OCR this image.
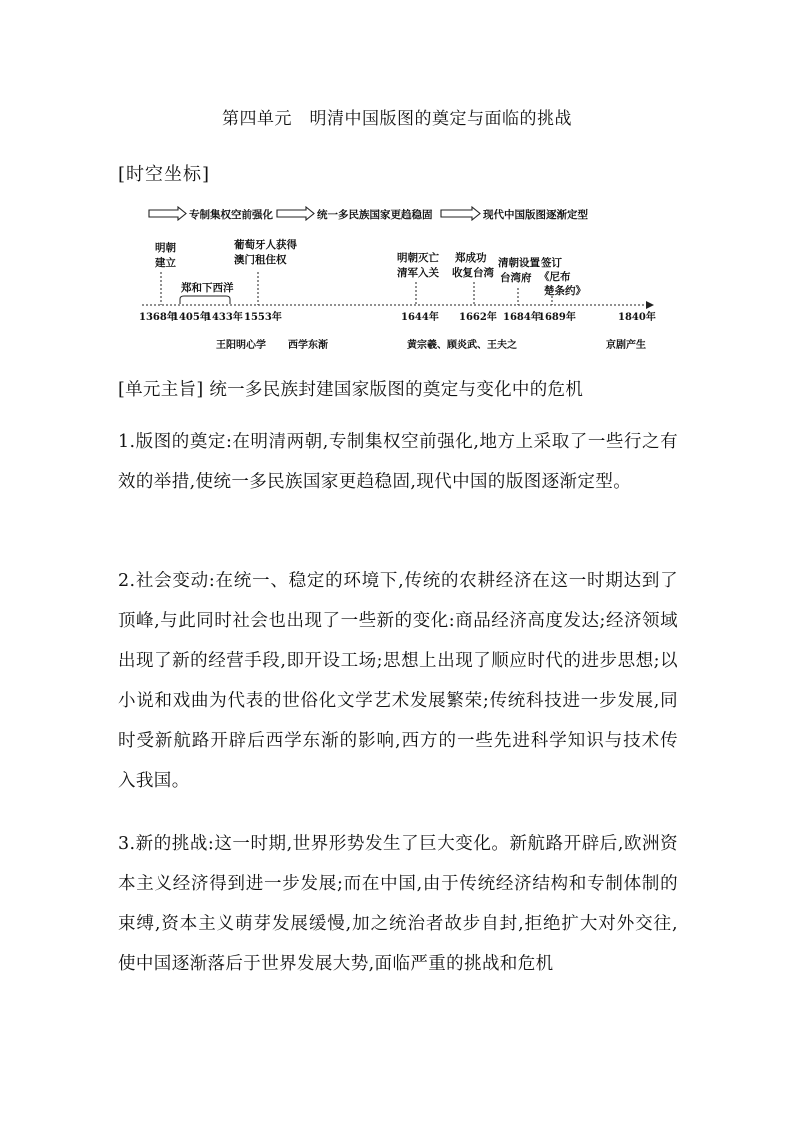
第四单元　明清中国版图的奠定与面临的挑战
[时空坐标]
专制集权空前强化	统一多民族国家更趋稳固	现代中国版图逐渐定型
明朝
建立
郑和下西洋
葡萄牙人获得
澳门租住权	明朝灭亡
清军入关
郑成功
收复台湾
清朝设置
台湾府
签订
《尼布
楚条约》
1368年
1405年
1433年 1553年	1644年 1662年 1684年
1689年	1840年
王阳明心学 西学东渐	黄宗羲、顾炎武、王夫之	京剧产生
[单元主旨] 统一多民族封建国家版图的奠定与变化中的危机
1.版图的奠定:在明清两朝,专制集权空前强化,地方上采取了一些行之有效的举措,使统一多民族国家更趋稳固,现代中国的版图逐渐定型。
2.社会变动:在统一、稳定的环境下,传统的农耕经济在这一时期达到了顶峰,与此同时社会也出现了一些新的变化:商品经济高度发达;经济领域出现了新的经营手段,即开设工场;思想上出现了顺应时代的进步思想;以小说和戏曲为代表的世俗化文学艺术发展繁荣;传统科技进一步发展,同时受新航路开辟后西学东渐的影响,西方的一些先进科学知识与技术传入我国。
3.新的挑战:这一时期,世界形势发生了巨大变化。新航路开辟后,欧洲资本主义经济得到进一步发展;而在中国,由于传统经济结构和专制体制的束缚,资本主义萌芽发展缓慢,加之统治者故步自封,拒绝扩大对外交往,使中国逐渐落后于世界发展大势,面临严重的挑战和危机
